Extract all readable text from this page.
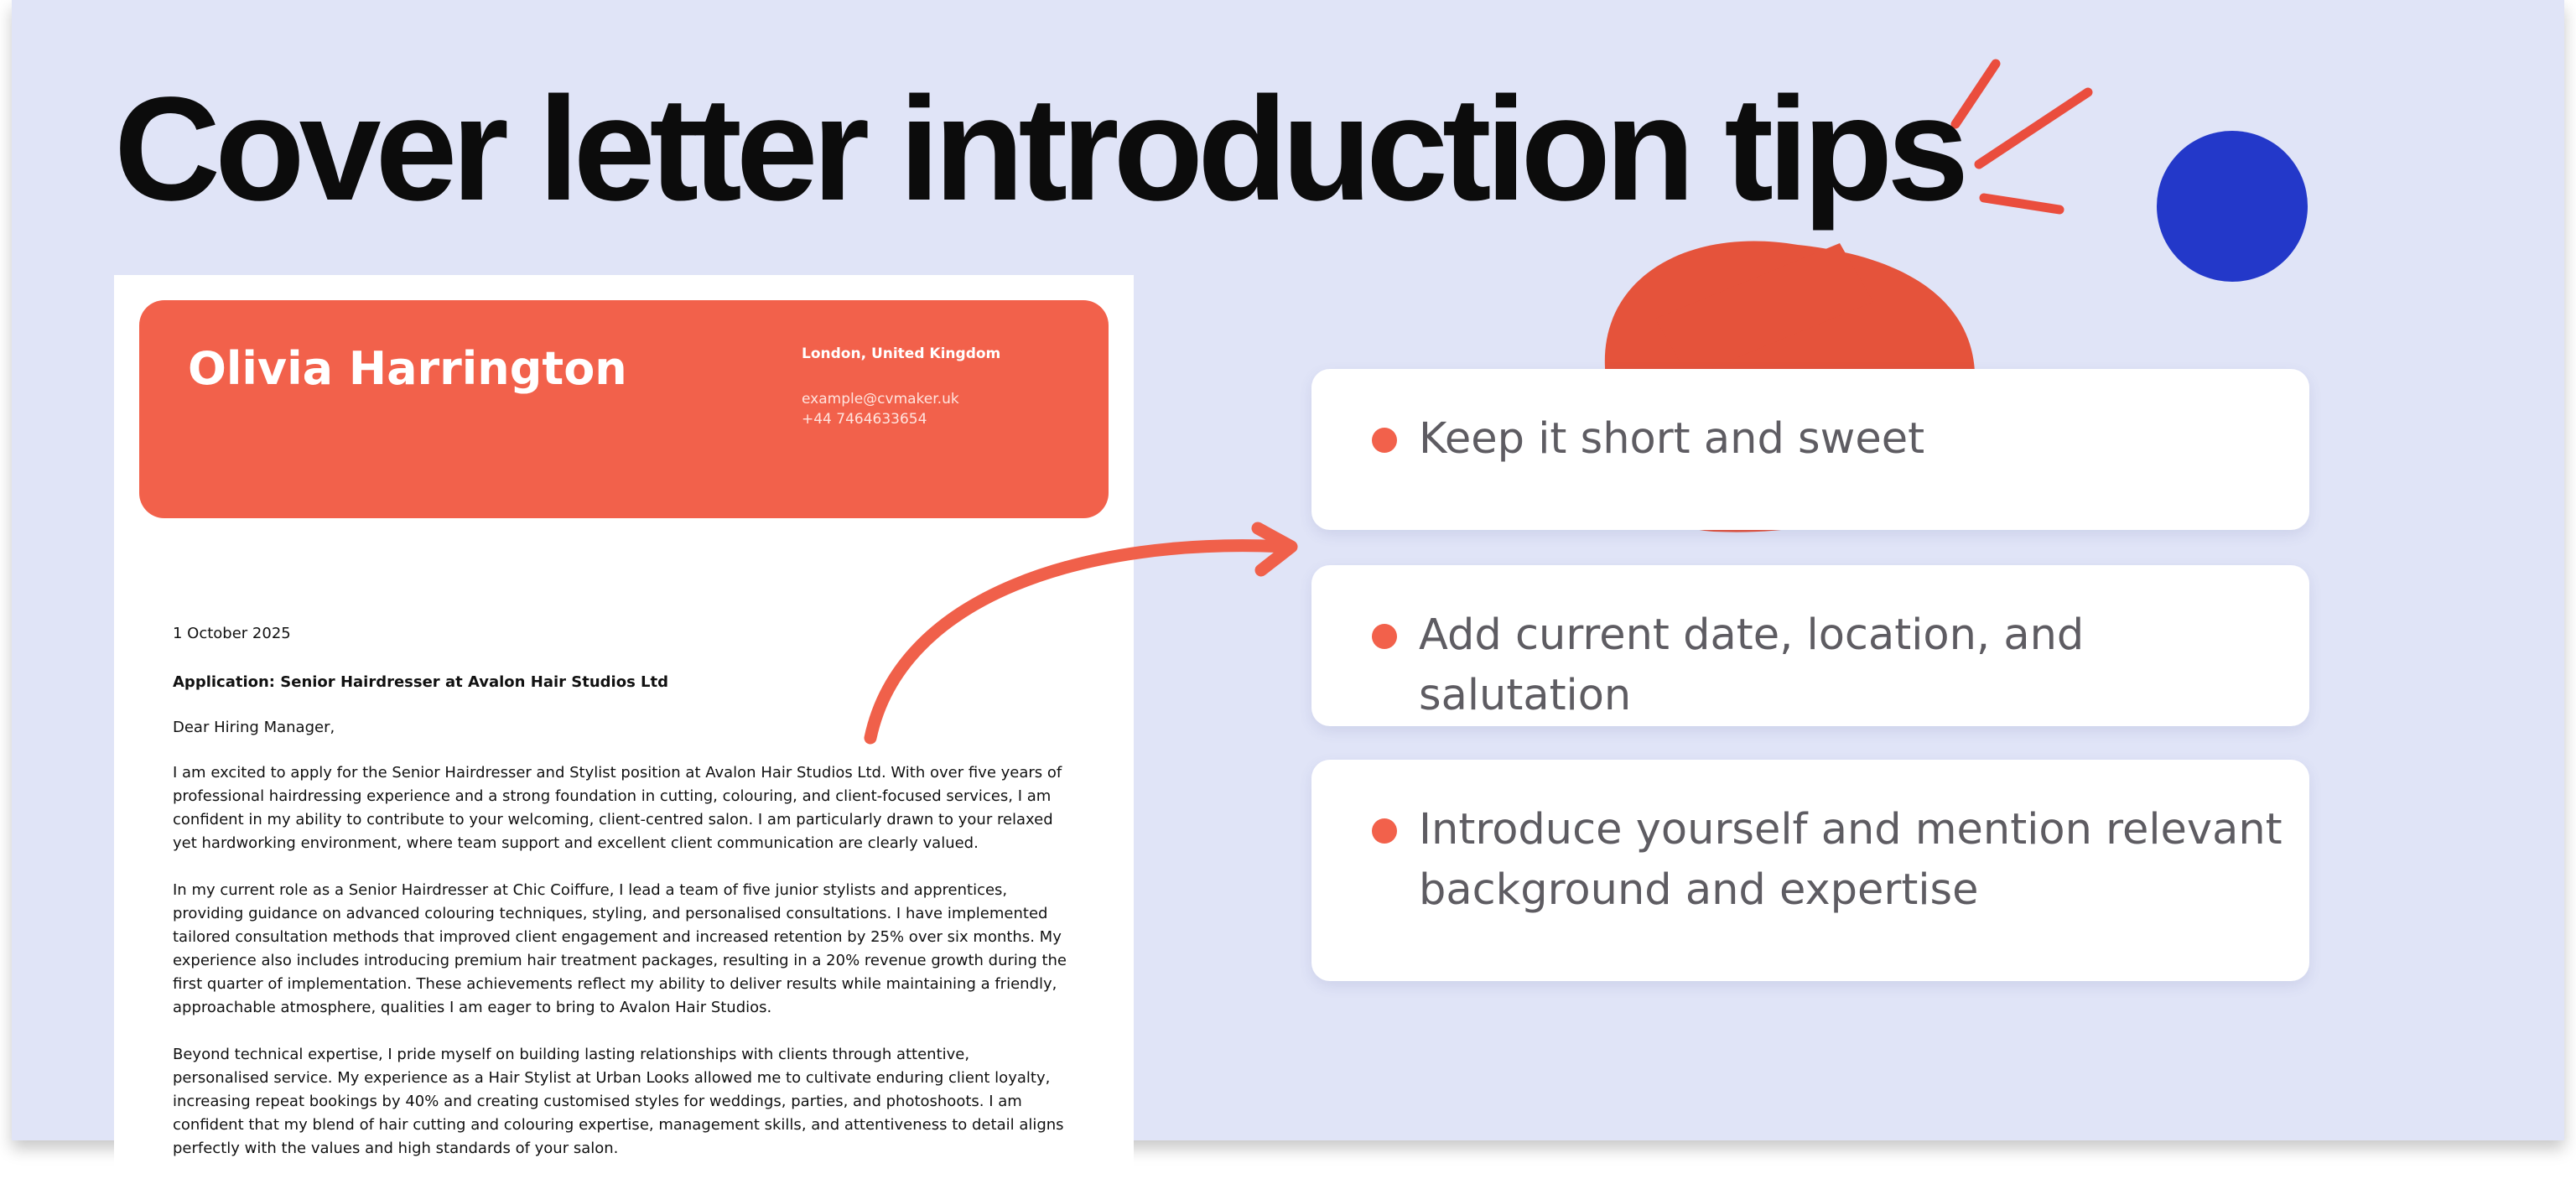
Cover letter introduction tips
Olivia Harrington	London, United Kingdom
example@cvmaker.uk
+44 7464633654

1 October 2025

Application: Senior Hairdresser at Avalon Hair Studios Ltd

Dear Hiring Manager,

I am excited to apply for the Senior Hairdresser and Stylist position at Avalon Hair Studios Ltd. With over five years of professional hairdressing experience and a strong foundation in cutting, colouring, and client-focused services, I am confident in my ability to contribute to your welcoming, client-centred salon. I am particularly drawn to your relaxed yet hardworking environment, where team support and excellent client communication are clearly valued.

In my current role as a Senior Hairdresser at Chic Coiffure, I lead a team of five junior stylists and apprentices, providing guidance on advanced colouring techniques, styling, and personalised consultations. I have implemented tailored consultation methods that improved client engagement and increased retention by 25% over six months. My experience also includes introducing premium hair treatment packages, resulting in a 20% revenue growth during the first quarter of implementation. These achievements reflect my ability to deliver results while maintaining a friendly, approachable atmosphere, qualities I am eager to bring to Avalon Hair Studios.

Beyond technical expertise, I pride myself on building lasting relationships with clients through attentive, personalised service. My experience as a Hair Stylist at Urban Looks allowed me to cultivate enduring client loyalty, increasing repeat bookings by 40% and creating customised styles for weddings, parties, and photoshoots. I am confident that my blend of hair cutting and colouring expertise, management skills, and attentiveness to detail aligns perfectly with the values and high standards of your salon.

Keep it short and sweet
Add current date, location, and salutation
Introduce yourself and mention relevant background and expertise
